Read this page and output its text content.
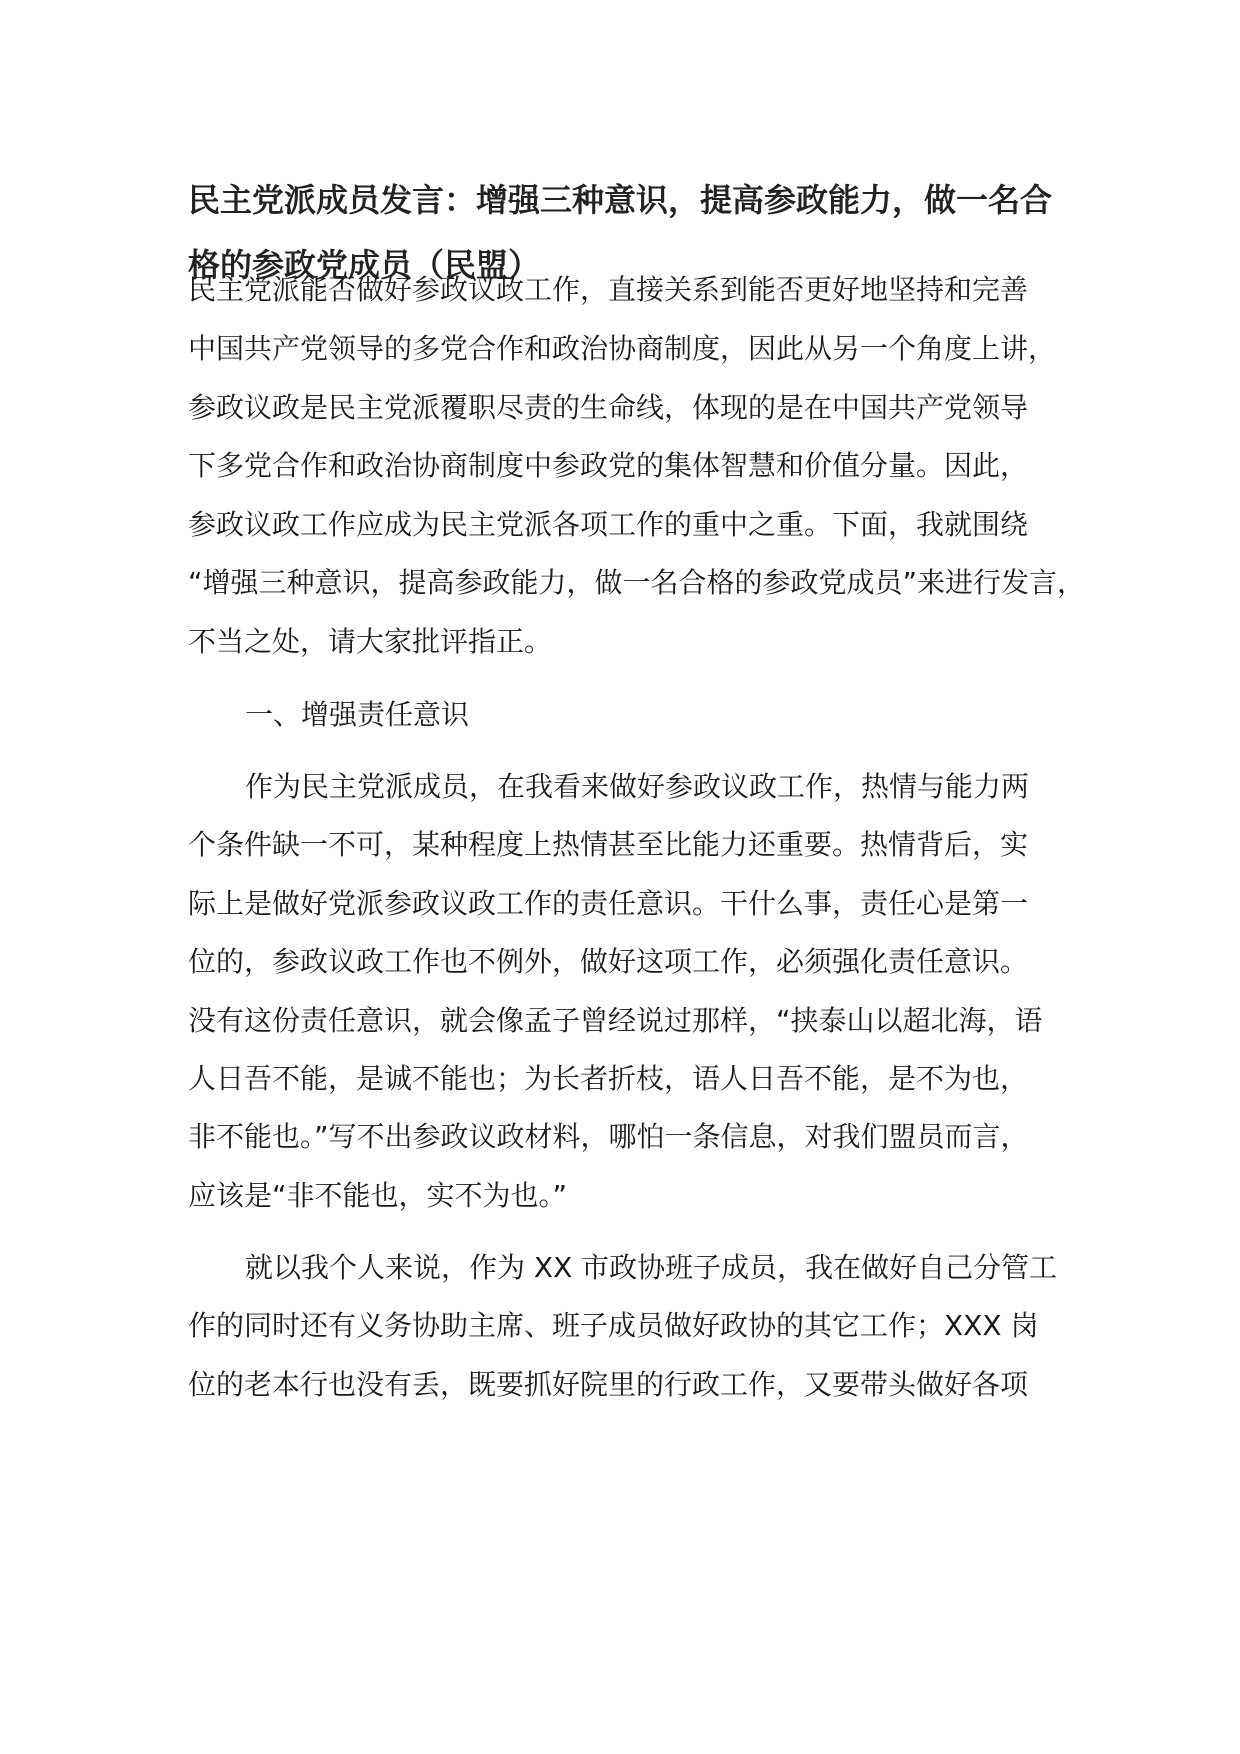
民主党派成员发言：增强三种意识，提高参政能力，做一名合格的参政党成员（民盟）
民主党派能否做好参政议政工作，直接关系到能否更好地坚持和完善
中国共产党领导的多党合作和政治协商制度，因此从另一个角度上讲，
参政议政是民主党派覆职尽责的生命线，体现的是在中国共产党领导
下多党合作和政治协商制度中参政党的集体智慧和价值分量。因此，
参政议政工作应成为民主党派各项工作的重中之重。下面，我就围绕
“增强三种意识，提高参政能力，做一名合格的参政党成员”来进行发言，
不当之处，请大家批评指正。
一、增强责任意识
作为民主党派成员，在我看来做好参政议政工作，热情与能力两
个条件缺一不可，某种程度上热情甚至比能力还重要。热情背后，实
际上是做好党派参政议政工作的责任意识。干什么事，责任心是第一
位的，参政议政工作也不例外，做好这项工作，必须强化责任意识。
没有这份责任意识，就会像孟子曾经说过那样，“挟泰山以超北海，语
人日吾不能，是诚不能也；为长者折枝，语人日吾不能，是不为也，
非不能也。”写不出参政议政材料，哪怕一条信息，对我们盟员而言，
应该是“非不能也，实不为也。”
就以我个人来说，作为 XX 市政协班子成员，我在做好自己分管工
作的同时还有义务协助主席、班子成员做好政协的其它工作；XXX 岗
位的老本行也没有丢，既要抓好院里的行政工作，又要带头做好各项
